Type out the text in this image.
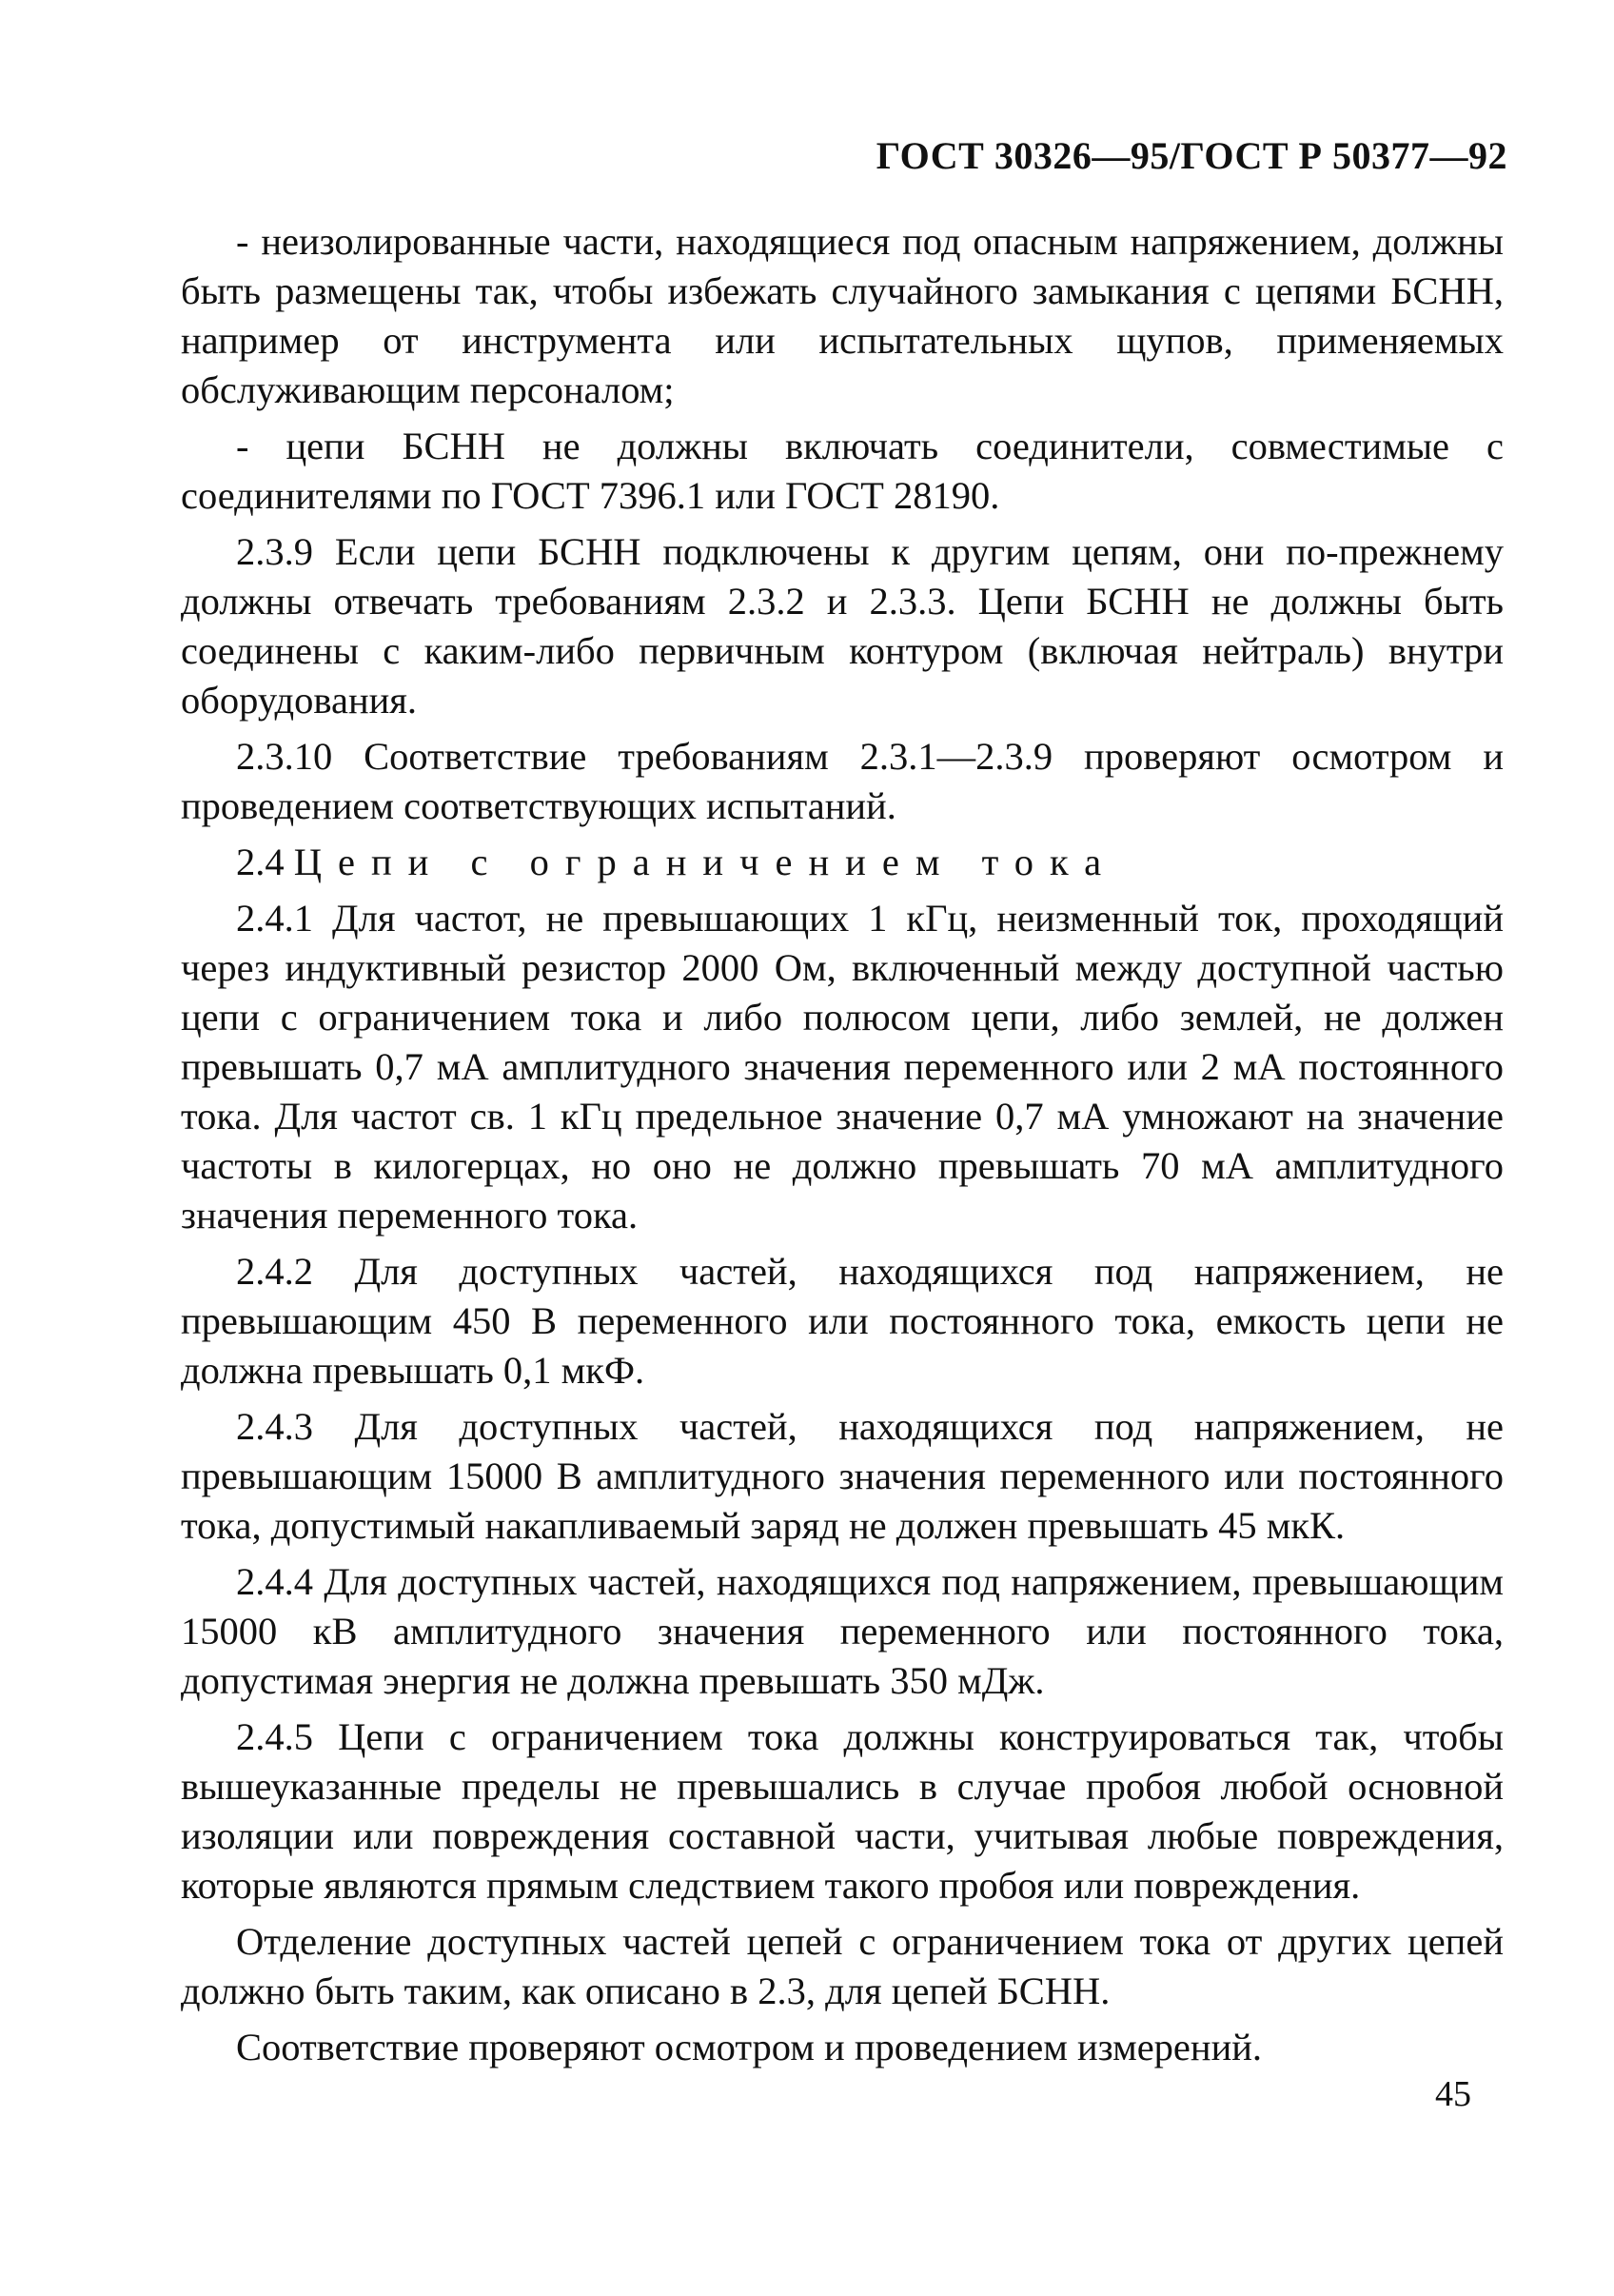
ГОСТ 30326—95/ГОСТ Р 50377—92

- неизолированные части, находящиеся под опасным напряжением, должны быть размещены так, чтобы избежать случайного замыкания с цепями БСНН, например от инструмента или испытательных щупов, применяемых обслуживающим персоналом;

- цепи БСНН не должны включать соединители, совместимые с соединителями по ГОСТ 7396.1 или ГОСТ 28190.

2.3.9 Если цепи БСНН подключены к другим цепям, они по-прежнему должны отвечать требованиям 2.3.2 и 2.3.3. Цепи БСНН не должны быть соединены с каким-либо первичным контуром (включая нейтраль) внутри оборудования.

2.3.10 Соответствие требованиям 2.3.1—2.3.9 проверяют осмотром и проведением соответствующих испытаний.

2.4 Цепи с ограничением тока

2.4.1 Для частот, не превышающих 1 кГц, неизменный ток, проходящий через индуктивный резистор 2000 Ом, включенный между доступной частью цепи с ограничением тока и либо полюсом цепи, либо землей, не должен превышать 0,7 мА амплитудного значения переменного или 2 мА постоянного тока. Для частот св. 1 кГц предельное значение 0,7 мА умножают на значение частоты в килогерцах, но оно не должно превышать 70 мА амплитудного значения переменного тока.

2.4.2 Для доступных частей, находящихся под напряжением, не превышающим 450 В переменного или постоянного тока, емкость цепи не должна превышать 0,1 мкФ.

2.4.3 Для доступных частей, находящихся под напряжением, не превышающим 15000 В амплитудного значения переменного или постоянного тока, допустимый накапливаемый заряд не должен превышать 45 мкК.

2.4.4 Для доступных частей, находящихся под напряжением, превышающим 15000 кВ амплитудного значения переменного или постоянного тока, допустимая энергия не должна превышать 350 мДж.

2.4.5 Цепи с ограничением тока должны конструироваться так, чтобы вышеуказанные пределы не превышались в случае пробоя любой основной изоляции или повреждения составной части, учитывая любые повреждения, которые являются прямым следствием такого пробоя или повреждения.

Отделение доступных частей цепей с ограничением тока от других цепей должно быть таким, как описано в 2.3, для цепей БСНН.

Соответствие проверяют осмотром и проведением измерений.

45
